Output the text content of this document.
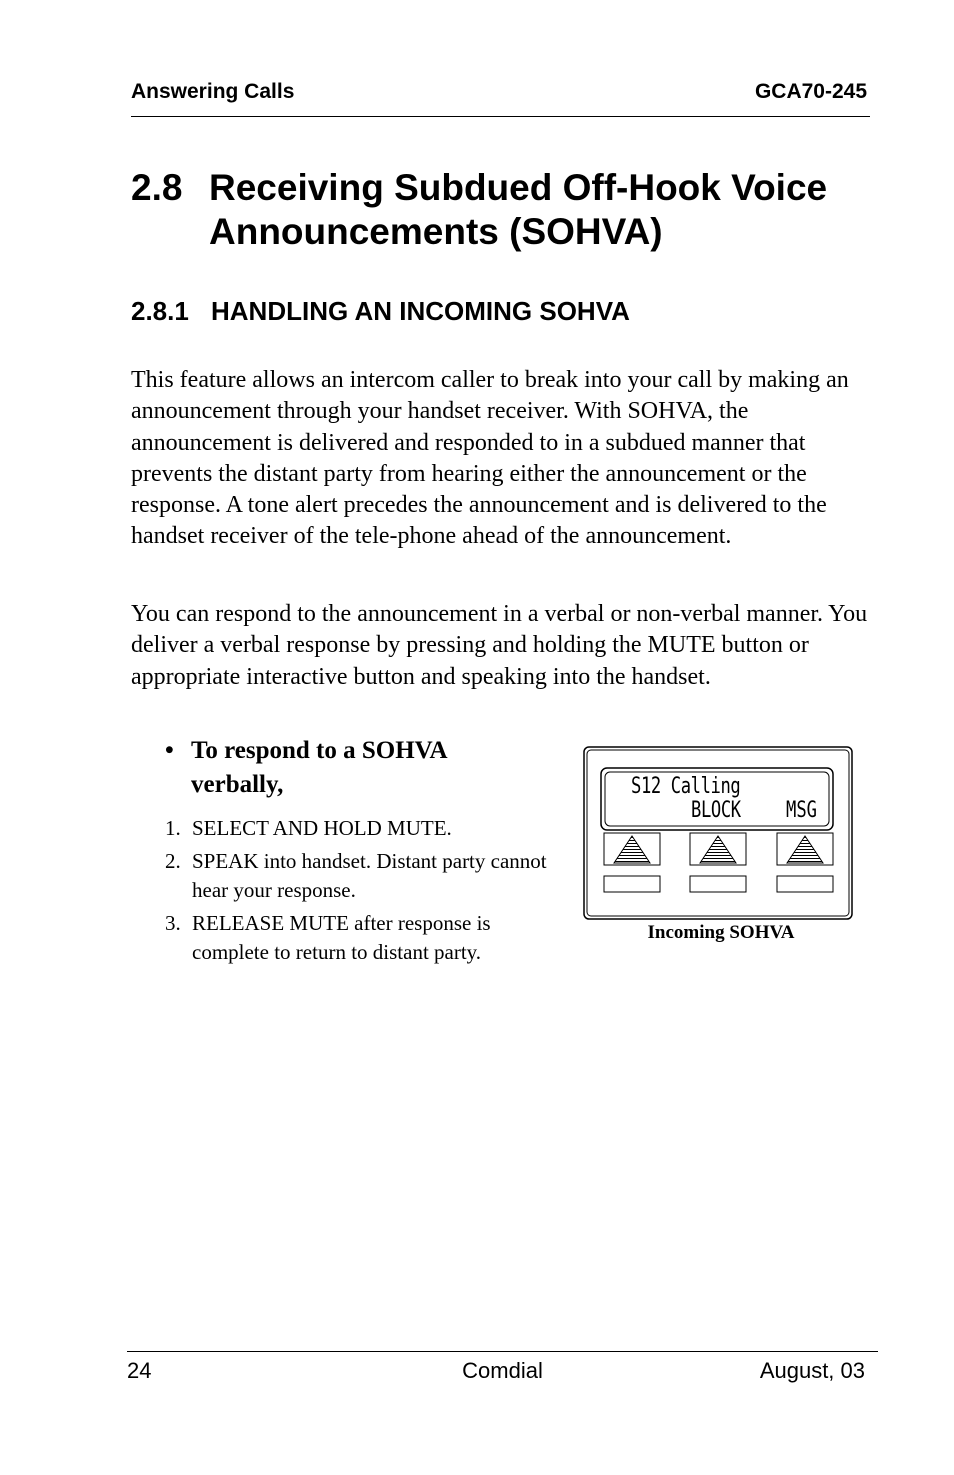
Answering Calls	GCA70-245
2.8 Receiving Subdued Off-Hook Voice
Announcements (SOHVA)
2.8.1 HANDLING AN INCOMING SOHVA

This feature allows an intercom caller to break into your call by making an announcement through your handset receiver. With SOHVA, the announcement is delivered and responded to in a subdued manner that prevents the distant party from hearing either the announcement or the response. A tone alert precedes the announcement and is delivered to the handset receiver of the tele-phone ahead of the announcement.

You can respond to the announcement in a verbal or non-verbal manner. You deliver a verbal response by pressing and holding the MUTE button or appropriate interactive button and speaking into the handset.

• To respond to a SOHVA
verbally,
1. SELECT AND HOLD MUTE.
2. SPEAK into handset. Distant party cannot hear your response.
3. RELEASE MUTE after response is complete to return to distant party.
S12 Calling
BLOCK MSG
Incoming SOHVA
24	Comdial	August, 03
